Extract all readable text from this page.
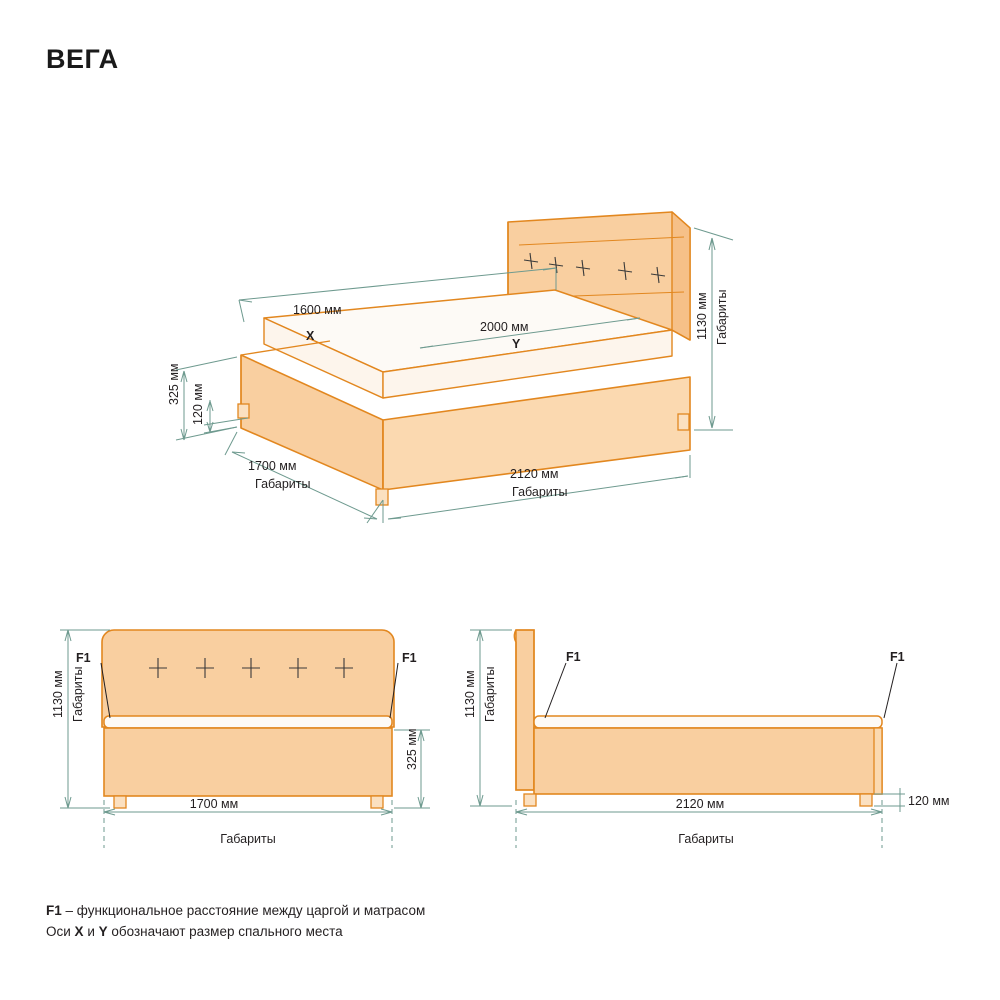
ВЕГА
1600 мм
X
2000 мм
Y
1130 мм Габариты
325 мм 120 мм
1700 мм
Габариты
2120 мм
Габариты
F1	F1
1130 мм Габариты
325 мм
1700 мм
Габариты
F1	F1
1130 мм Габариты
120 мм
2120 мм
Габариты
F1 – функциональное расстояние между царгой и матрасом
Оси X и Y обозначают размер спального места
